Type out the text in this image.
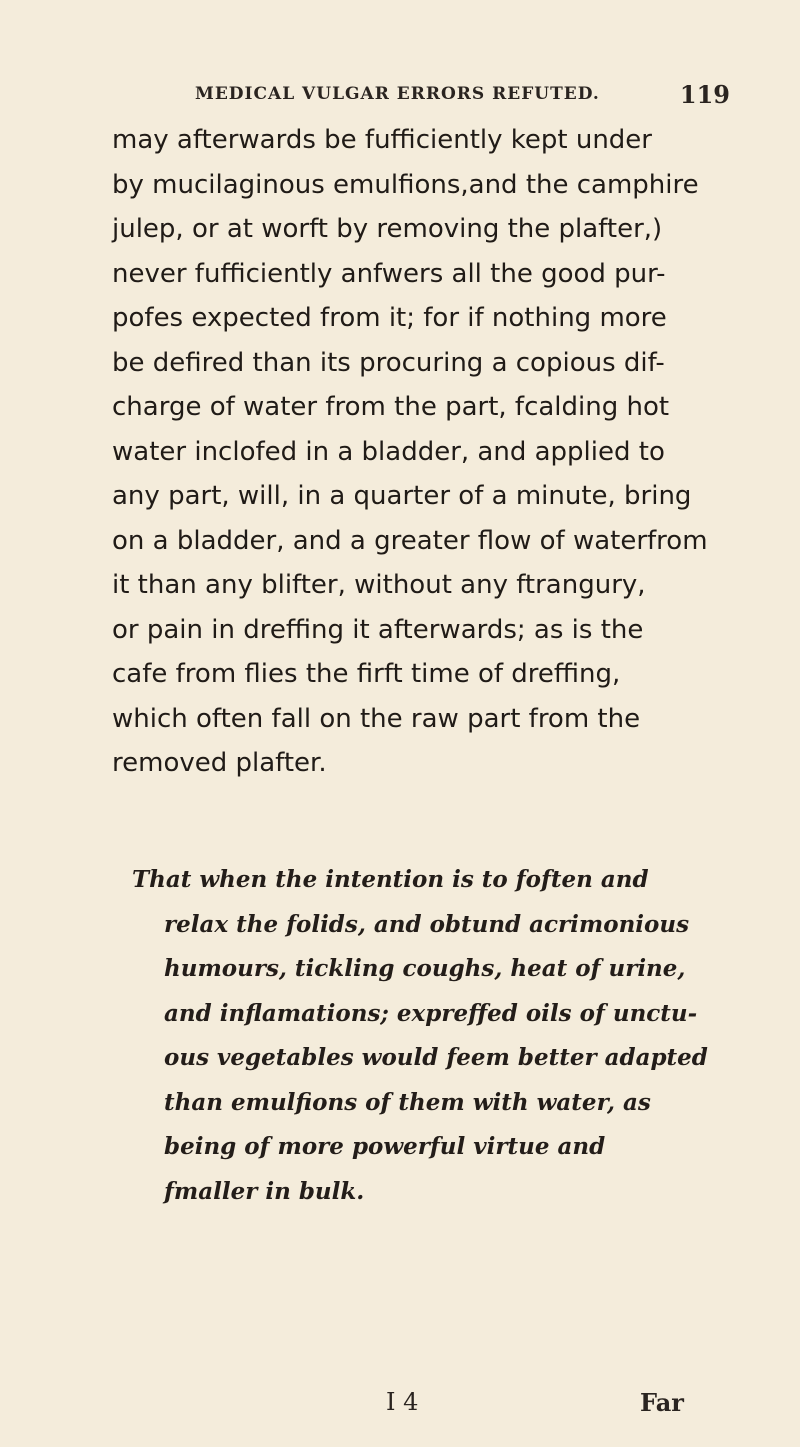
MEDICAL VULGAR ERRORS REFUTED.	119
may afterwards be fufficiently kept under
by mucilaginous emulfions,and the camphire
julep, or at worft by removing the plafter,)
never fufficiently anfwers all the good pur-
pofes expected from it; for if nothing more
be defired than its procuring a copious dif-
charge of water from the part, fcalding hot
water inclofed in a bladder, and applied to
any part, will, in a quarter of a minute, bring
on a bladder, and a greater flow of waterfrom
it than any blifter, without any ftrangury,
or pain in dreffing it afterwards; as is the
cafe from flies the firft time of dreffing,
which often fall on the raw part from the
removed plafter.
That when the intention is to foften and
relax the folids, and obtund acrimonious
humours, tickling coughs, heat of urine,
and inflamations; expreffed oils of unctu-
ous vegetables would feem better adapted
than emulfions of them with water, as
being of more powerful virtue and
fmaller in bulk.
I 4	Far
